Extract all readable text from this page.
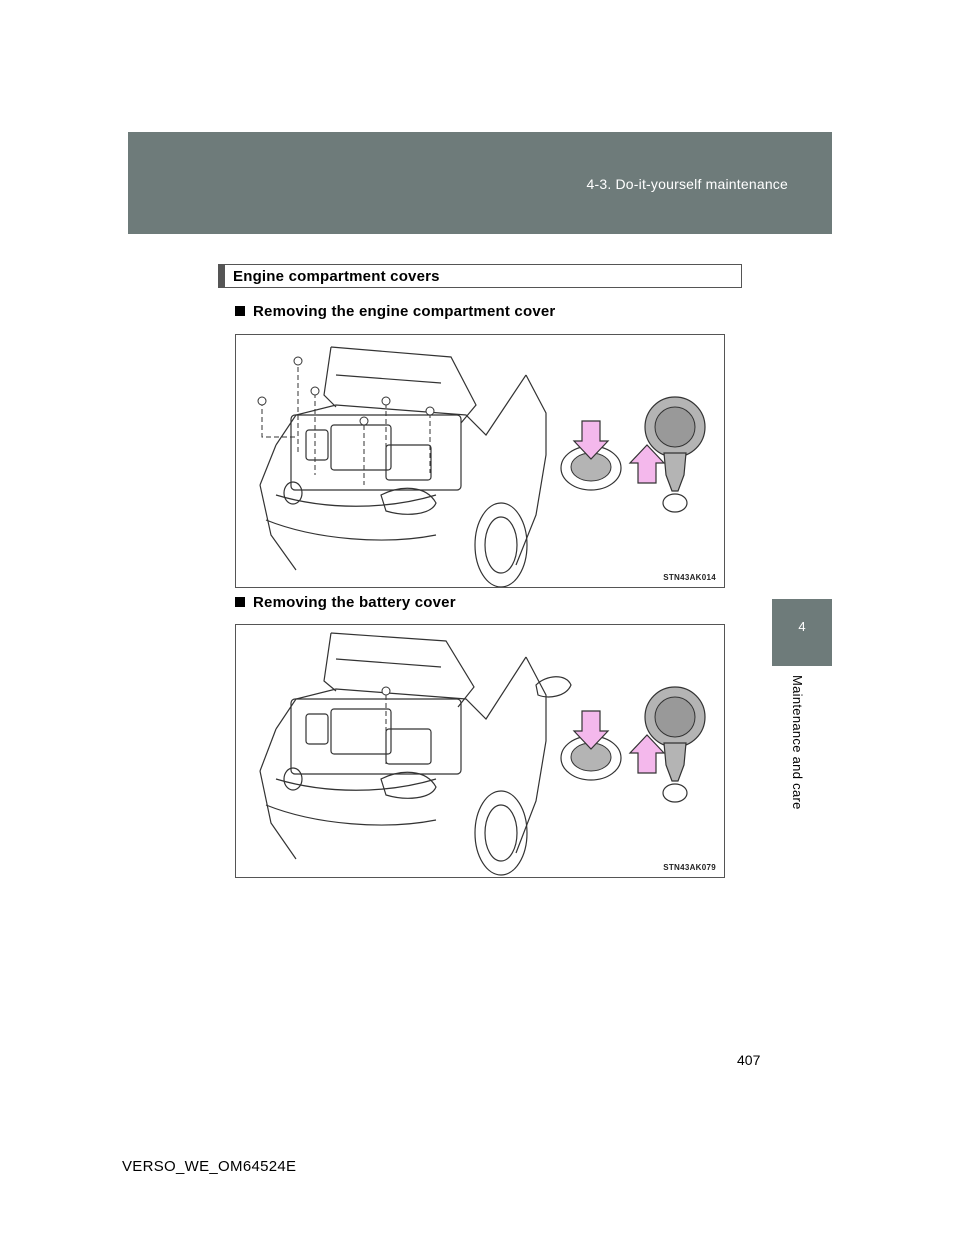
4-3. Do-it-yourself maintenance
4
Maintenance and care
Engine compartment covers
Removing the engine compartment cover
STN43AK014
Removing the battery cover
STN43AK079
407
VERSO_WE_OM64524E
